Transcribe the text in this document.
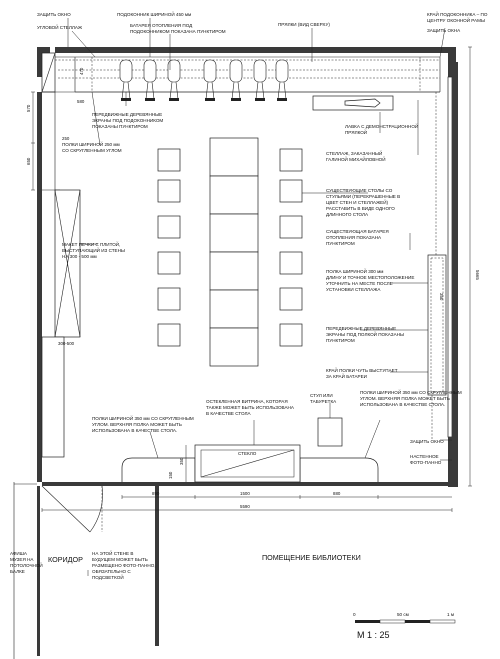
ЗАЩИТЬ ОКНО
УГЛОВОЙ СТЕЛЛАЖ
ПОДОКОННИК ШИРИНОЙ 450 мм
БАТАРЕЯ ОТОПЛЕНИЯ ПОД
ПОДОКОННИКОМ ПОКАЗАНА ПУНКТИРОМ
ПРЯЛКИ (ВИД СВЕРХУ)
КРАЙ ПОДОКОННИКА – ПО
ЦЕНТРУ ОКОННОЙ РАМЫ
ЗАЩИТЬ ОКНА
ПЕРЕДВИЖНЫЕ ДЕРЕВЯННЫЕ
ЭКРАНЫ ПОД ПОДОКОННИКОМ
ПОКАЗАНЫ ПУНКТИРОМ
ПОЛКИ ШИРИНОЙ 250 мм
СО СКРУГЛЕННЫМ УГЛОМ
ЛАВКА С ДЕМОНСТРАЦИОННОЙ
ПРЯЛКОЙ
СТЕЛЛАЖ, ЗАКАЗАННЫЙ
ГАЛИНОЙ МИХАЙЛОВНОЙ
СУЩЕСТВУЮЩИЕ СТОЛЫ СО
СТУЛЬЯМИ (ПЕРЕКРАШЕННЫЕ В
ЦВЕТ СТЕН И СТЕЛЛАЖЕЙ)
РАССТАВИТЬ В ВИДЕ ОДНОГО
ДЛИННОГО СТОЛА
МАКЕТ ПЕЧКИ С ПЛИТОЙ,
ВЫСТУПАЮЩИЙ ИЗ СТЕНЫ
НА 300 - 500 мм
СУЩЕСТВУЮЩАЯ БАТАРЕЯ
ОТОПЛЕНИЯ ПОКАЗАНА
ПУНКТИРОМ
ПОЛКА ШИРИНОЙ 300 мм
ДЛИНУ И ТОЧНОЕ МЕСТОПОЛОЖЕНИЕ
УТОЧНИТЬ НА МЕСТЕ ПОСЛЕ
УСТАНОВКИ СТЕЛЛАЖА
ПЕРЕДВИЖНЫЕ ДЕРЕВЯННЫЕ
ЭКРАНЫ ПОД ПОЛКОЙ ПОКАЗАНЫ
ПУНКТИРОМ
КРАЙ ПОЛКИ ЧУТЬ ВЫСТУПАЕТ
ЗА КРАЙ БАТАРЕИ
ПОЛКИ ШИРИНОЙ 350 мм СО СКРУГЛЕННЫМ
УГЛОМ. ВЕРХНЯЯ ПОЛКА МОЖЕТ БЫТЬ
ИСПОЛЬЗОВАНА В КАЧЕСТВЕ СТОЛА.
ОСТЕКЛЕННАЯ ВИТРИНА, КОТОРАЯ
ТАКЖЕ МОЖЕТ БЫТЬ ИСПОЛЬЗОВАНА
В КАЧЕСТВЕ СТОЛА
СТУЛ ИЛИ
ТАБУРЕТКА
ПОЛКИ ШИРИНОЙ 350 мм СО СКРУГЛЕННЫМ
УГЛОМ. ВЕРХНЯЯ ПОЛКА МОЖЕТ БЫТЬ
ИСПОЛЬЗОВАНА В КАЧЕСТВЕ СТОЛА.
ЗАЩИТЬ ОКНО
НАСТЕННОЕ
ФОТО-ПАННО
СТЕКЛО
АФИША
МУЗЕЯ НА
ПОТОЛОЧНОЙ
БАЛКЕ
КОРИДОР
НА ЭТОЙ СТЕНЕ В
БУДУЩЕМ МОЖЕТ БЫТЬ
РАЗМЕЩЕНО ФОТО-ПАННО,
ОБЯЗАТЕЛЬНО С
ПОДСВЕТКОЙ
ПОМЕЩЕНИЕ БИБЛИОТЕКИ
570
580
250
650
470
300-500
5665
350
350
890	1500	880
5590
150
0	50 см	1 м
М 1 : 25
